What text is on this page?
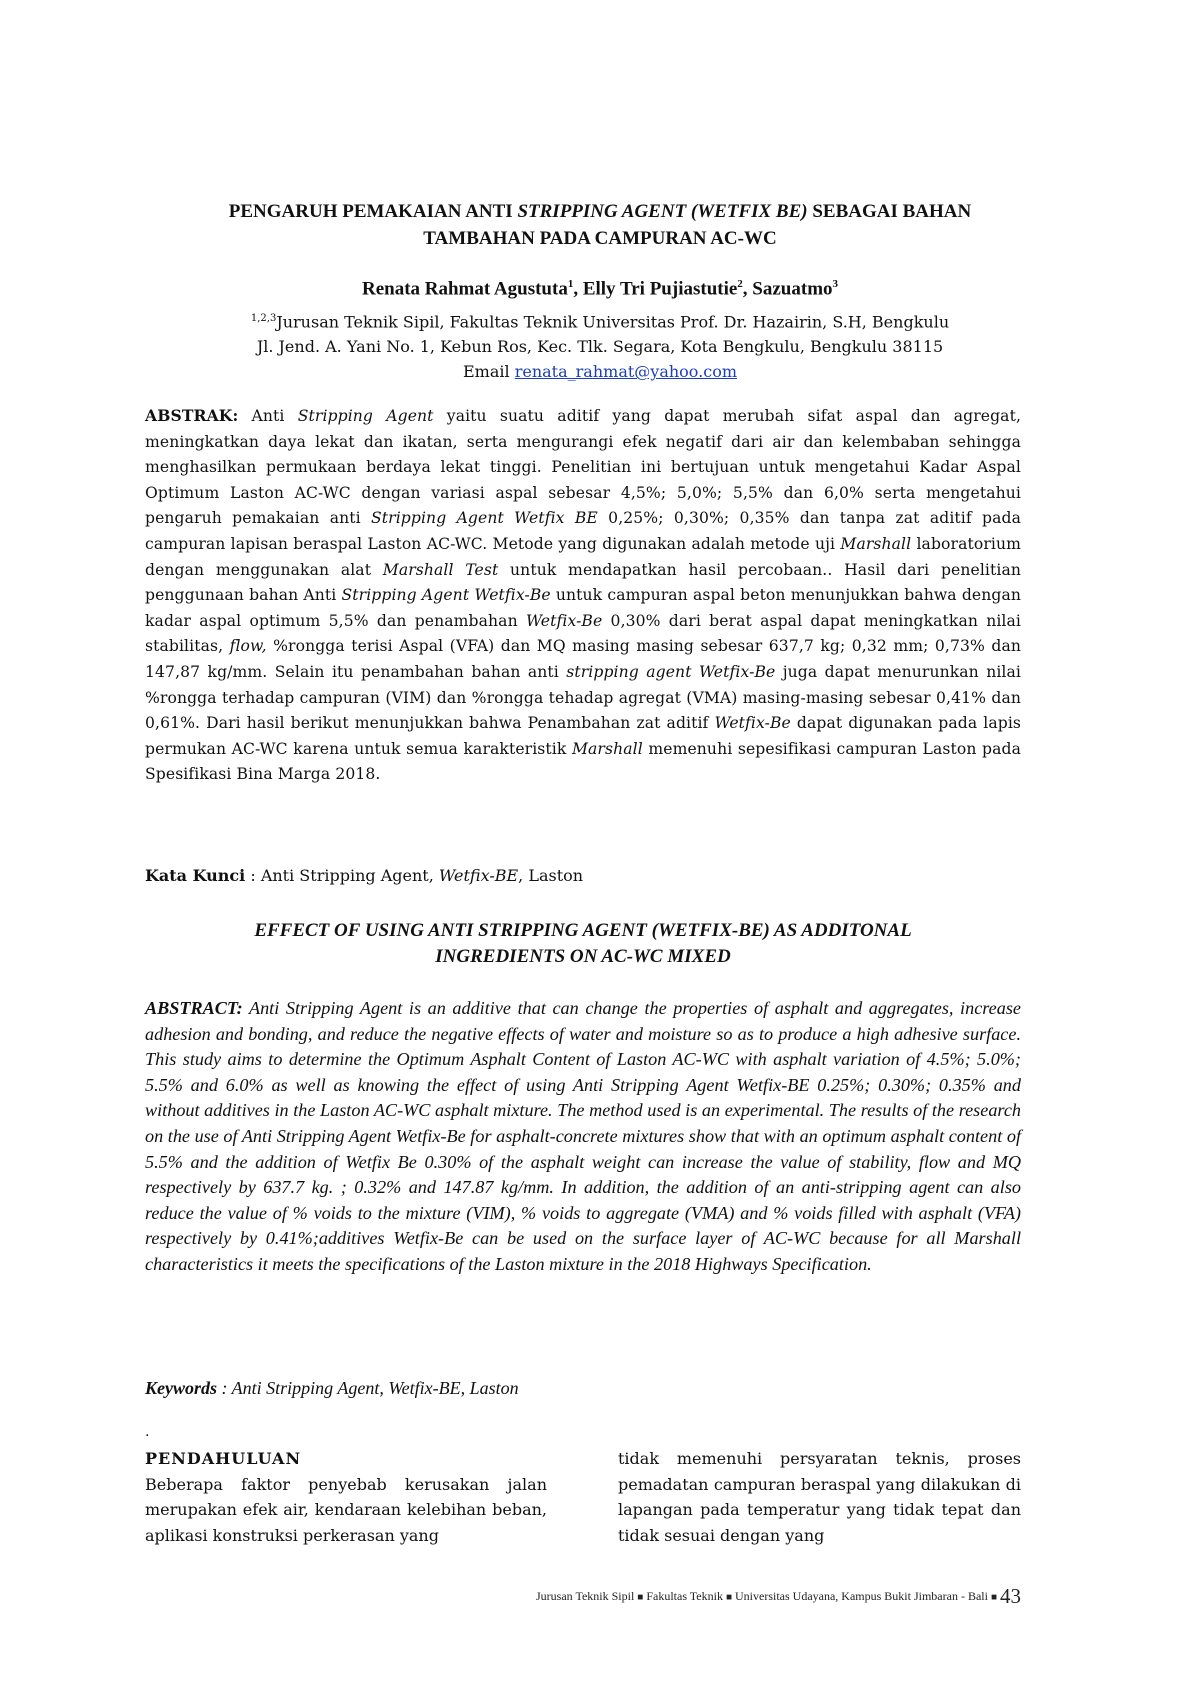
PENGARUH PEMAKAIAN ANTI STRIPPING AGENT (WETFIX BE) SEBAGAI BAHAN
TAMBAHAN PADA CAMPURAN AC-WC
Renata Rahmat Agustuta$^1$, Elly Tri Pujiastutie$^2$, Sazuatmo$^3$
$^{1,2,3}$Jurusan Teknik Sipil, Fakultas Teknik Universitas Prof. Dr. Hazairin, S.H, Bengkulu
Jl. Jend. A. Yani No. 1, Kebun Ros, Kec. Tlk. Segara, Kota Bengkulu, Bengkulu 38115
Email renata_rahmat@yahoo.com
ABSTRAK: Anti Stripping Agent yaitu suatu aditif yang dapat merubah sifat aspal dan agregat, meningkatkan daya lekat dan ikatan, serta mengurangi efek negatif dari air dan kelembaban sehingga menghasilkan permukaan berdaya lekat tinggi. Penelitian ini bertujuan untuk mengetahui Kadar Aspal Optimum Laston AC-WC dengan variasi aspal sebesar 4,5%; 5,0%; 5,5% dan 6,0% serta mengetahui pengaruh pemakaian anti Stripping Agent Wetfix BE 0,25%; 0,30%; 0,35% dan tanpa zat aditif pada campuran lapisan beraspal Laston AC-WC. Metode yang digunakan adalah metode uji Marshall laboratorium dengan menggunakan alat Marshall Test untuk mendapatkan hasil percobaan.. Hasil dari penelitian penggunaan bahan Anti Stripping Agent Wetfix-Be untuk campuran aspal beton menunjukkan bahwa dengan kadar aspal optimum 5,5% dan penambahan Wetfix-Be 0,30% dari berat aspal dapat meningkatkan nilai stabilitas, flow, %rongga terisi Aspal (VFA) dan MQ masing masing sebesar 637,7 kg; 0,32 mm; 0,73% dan 147,87 kg/mm. Selain itu penambahan bahan anti stripping agent Wetfix-Be juga dapat menurunkan nilai %rongga terhadap campuran (VIM) dan %rongga tehadap agregat (VMA) masing-masing sebesar 0,41% dan 0,61%. Dari hasil berikut menunjukkan bahwa Penambahan zat aditif Wetfix-Be dapat digunakan pada lapis permukan AC-WC karena untuk semua karakteristik Marshall memenuhi sepesifikasi campuran Laston pada Spesifikasi Bina Marga 2018.
Kata Kunci : Anti Stripping Agent, Wetfix-BE, Laston
EFFECT OF USING ANTI STRIPPING AGENT (WETFIX-BE) AS ADDITONAL
INGREDIENTS ON AC-WC MIXED
ABSTRACT: Anti Stripping Agent is an additive that can change the properties of asphalt and aggregates, increase adhesion and bonding, and reduce the negative effects of water and moisture so as to produce a high adhesive surface. This study aims to determine the Optimum Asphalt Content of Laston AC-WC with asphalt variation of 4.5%; 5.0%; 5.5% and 6.0% as well as knowing the effect of using Anti Stripping Agent Wetfix-BE 0.25%; 0.30%; 0.35% and without additives in the Laston AC-WC asphalt mixture. The method used is an experimental. The results of the research on the use of Anti Stripping Agent Wetfix-Be for asphalt-concrete mixtures show that with an optimum asphalt content of 5.5% and the addition of Wetfix Be 0.30% of the asphalt weight can increase the value of stability, flow and MQ respectively by 637.7 kg. ; 0.32% and 147.87 kg/mm. In addition, the addition of an anti-stripping agent can also reduce the value of % voids to the mixture (VIM), % voids to aggregate (VMA) and % voids filled with asphalt (VFA) respectively by 0.41%;additives Wetfix-Be can be used on the surface layer of AC-WC because for all Marshall characteristics it meets the specifications of the Laston mixture in the 2018 Highways Specification.
Keywords : Anti Stripping Agent, Wetfix-BE, Laston
.
PENDAHULUAN
Beberapa faktor penyebab kerusakan jalan merupakan efek air, kendaraan kelebihan beban, aplikasi konstruksi perkerasan yang
tidak memenuhi persyaratan teknis, proses pemadatan campuran beraspal yang dilakukan di lapangan pada temperatur yang tidak tepat dan tidak sesuai dengan yang
Jurusan Teknik Sipil ■ Fakultas Teknik ■ Universitas Udayana, Kampus Bukit Jimbaran - Bali ■ 43
